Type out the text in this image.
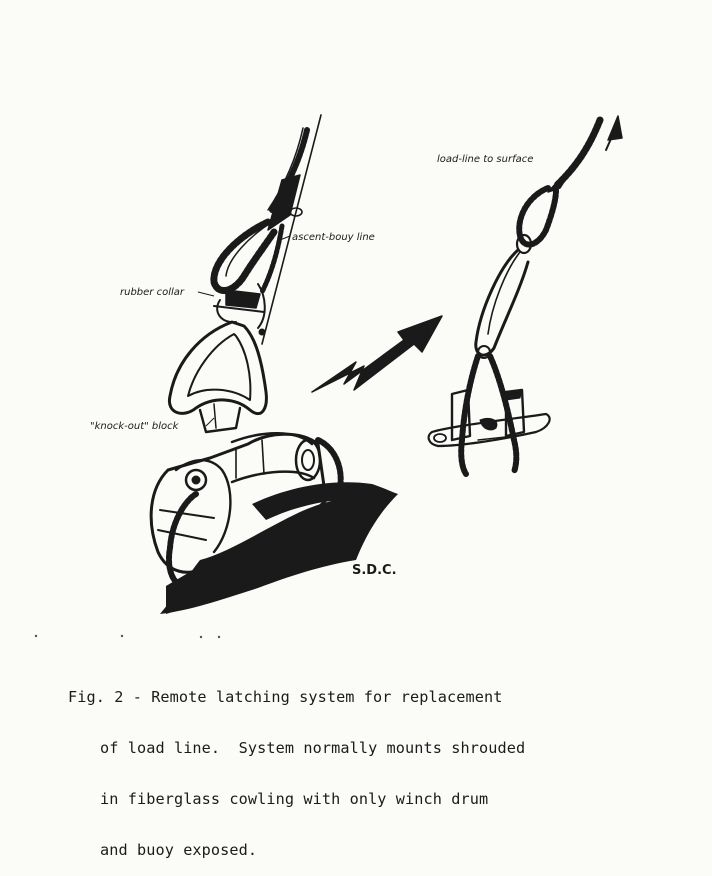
ascent-bouy line
rubber collar
"knock-out" block
load-line to surface
S.D.C.

Fig. 2 - Remote latching system for replacement

of load line.  System normally mounts shrouded

in fiberglass cowling with only winch drum

and buoy exposed.
